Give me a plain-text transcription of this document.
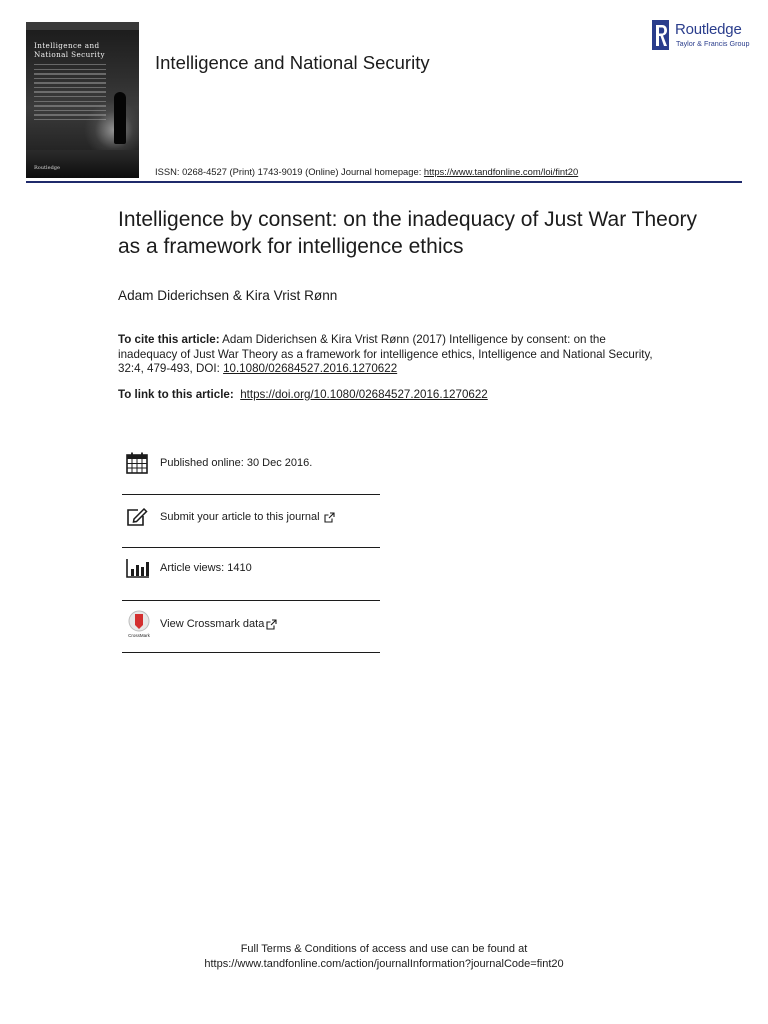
Intelligence and
National Security
Routledge
Intelligence and National Security
Routledge
Taylor & Francis Group
ISSN: 0268-4527 (Print) 1743-9019 (Online) Journal homepage: https://www.tandfonline.com/loi/fint20
Intelligence by consent: on the inadequacy of Just War Theory as a framework for intelligence ethics
Adam Diderichsen & Kira Vrist Rønn
To cite this article: Adam Diderichsen & Kira Vrist Rønn (2017) Intelligence by consent: on the inadequacy of Just War Theory as a framework for intelligence ethics, Intelligence and National Security, 32:4, 479-493, DOI: 10.1080/02684527.2016.1270622
To link to this article: https://doi.org/10.1080/02684527.2016.1270622
Published online: 30 Dec 2016.
Submit your article to this journal
Article views: 1410
CrossMark
View Crossmark data
Full Terms & Conditions of access and use can be found at
https://www.tandfonline.com/action/journalInformation?journalCode=fint20
